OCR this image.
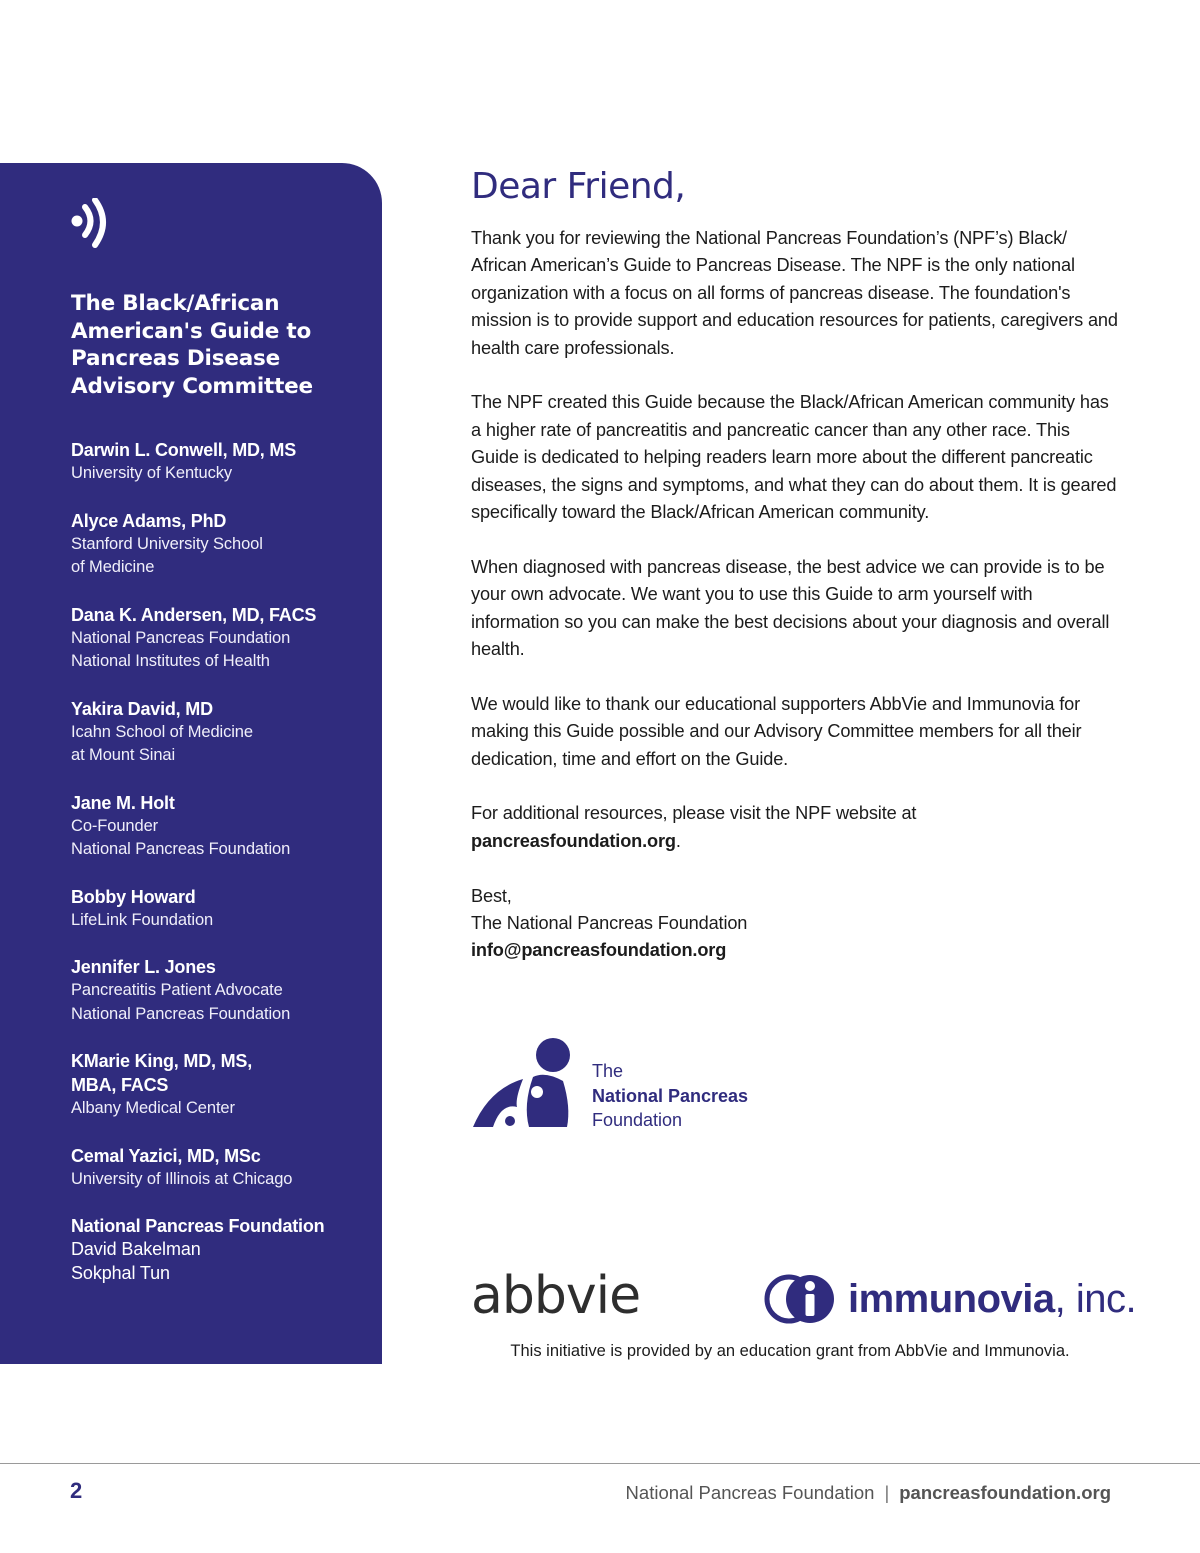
The Black/African
American's Guide to
Pancreas Disease
Advisory Committee
Darwin L. Conwell, MD, MS
University of Kentucky
Alyce Adams, PhD
Stanford University School
of Medicine
Dana K. Andersen, MD, FACS
National Pancreas Foundation
National Institutes of Health
Yakira David, MD
Icahn School of Medicine
at Mount Sinai
Jane M. Holt
Co-Founder
National Pancreas Foundation
Bobby Howard
LifeLink Foundation
Jennifer L. Jones
Pancreatitis Patient Advocate
National Pancreas Foundation
KMarie King, MD, MS,
MBA, FACS
Albany Medical Center
Cemal Yazici, MD, MSc
University of Illinois at Chicago
National Pancreas Foundation
David Bakelman
Sokphal Tun
Dear Friend,

Thank you for reviewing the National Pancreas Foundation’s (NPF’s) Black/ African American’s Guide to Pancreas Disease. The NPF is the only national organization with a focus on all forms of pancreas disease. The foundation's mission is to provide support and education resources for patients, caregivers and health care professionals.

The NPF created this Guide because the Black/African American community has a higher rate of pancreatitis and pancreatic cancer than any other race. This Guide is dedicated to helping readers learn more about the different pancreatic diseases, the signs and symptoms, and what they can do about them. It is geared specifically toward the Black/African American community.

When diagnosed with pancreas disease, the best advice we can provide is to be your own advocate. We want you to use this Guide to arm yourself with information so you can make the best decisions about your diagnosis and overall health.

We would like to thank our educational supporters AbbVie and Immunovia for making this Guide possible and our Advisory Committee members for all their dedication, time and effort on the Guide.

For additional resources, please visit the NPF website at
pancreasfoundation.org.

Best,
The National Pancreas Foundation
info@pancreasfoundation.org

The
National Pancreas
Foundation
abbvie	immunovia, inc.
This initiative is provided by an education grant from AbbVie and Immunovia.
2	National Pancreas Foundation | pancreasfoundation.org
